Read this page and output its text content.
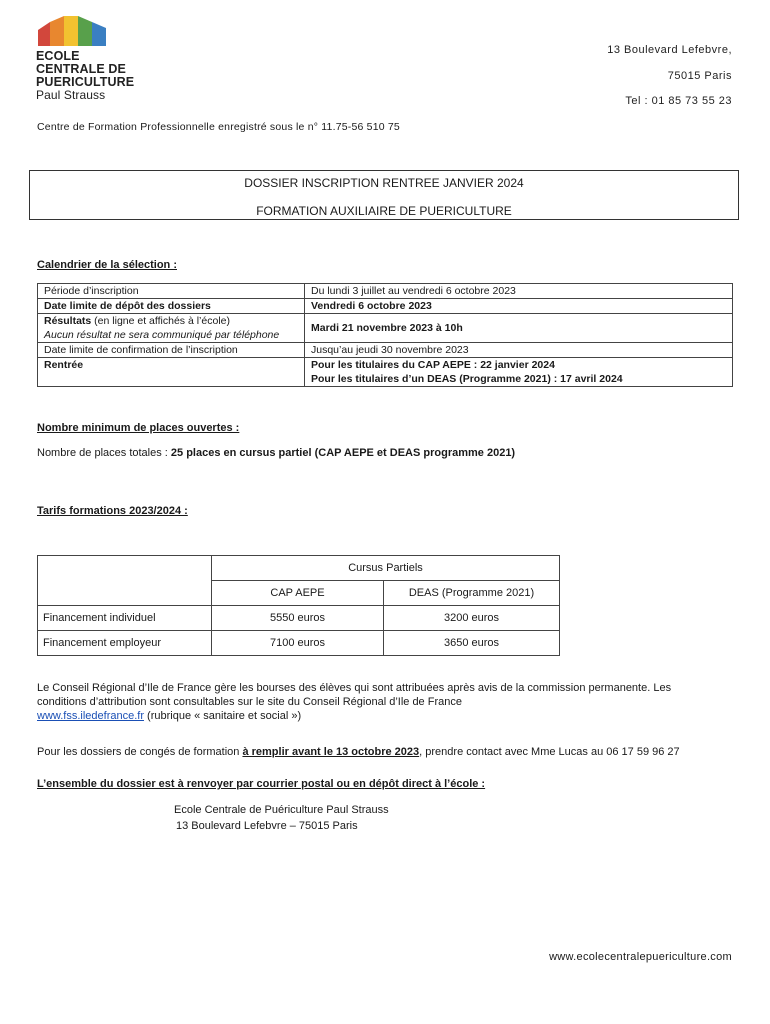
ECOLE
CENTRALE DE
PUERICULTURE
Paul Strauss
13 Boulevard Lefebvre,
75015 Paris
Tel : 01 85 73 55 23
Centre de Formation Professionnelle enregistré sous le n° 11.75-56 510 75
DOSSIER INSCRIPTION RENTREE JANVIER 2024
FORMATION AUXILIAIRE DE PUERICULTURE
Calendrier de la sélection :
Période d’inscription	Du lundi 3 juillet au vendredi 6 octobre 2023
Date limite de dépôt des dossiers	Vendredi 6 octobre 2023
Résultats (en ligne et affichés à l’école)
Aucun résultat ne sera communiqué par téléphone	Mardi 21 novembre 2023 à 10h
Date limite de confirmation de l’inscription	Jusqu’au jeudi 30 novembre 2023
Rentrée	Pour les titulaires du CAP AEPE : 22 janvier 2024
Pour les titulaires d’un DEAS (Programme 2021) : 17 avril 2024
Nombre minimum de places ouvertes :
Nombre de places totales : 25 places en cursus partiel (CAP AEPE et DEAS programme 2021)
Tarifs formations 2023/2024 :
	Cursus Partiels	
	CAP AEPE	DEAS (Programme 2021)
Financement individuel	5550 euros	3200 euros
Financement employeur	7100 euros	3650 euros
Le Conseil Régional d’Ile de France gère les bourses des élèves qui sont attribuées après avis de la commission permanente. Les
conditions d’attribution sont consultables sur le site du Conseil Régional d’Ile de France
www.fss.iledefrance.fr (rubrique « sanitaire et social »)
Pour les dossiers de congés de formation à remplir avant le 13 octobre 2023, prendre contact avec Mme Lucas au 06 17 59 96 27
L’ensemble du dossier est à renvoyer par courrier postal ou en dépôt direct à l’école :
Ecole Centrale de Puériculture Paul Strauss
13 Boulevard Lefebvre – 75015 Paris
www.ecolecentralepuericulture.com
